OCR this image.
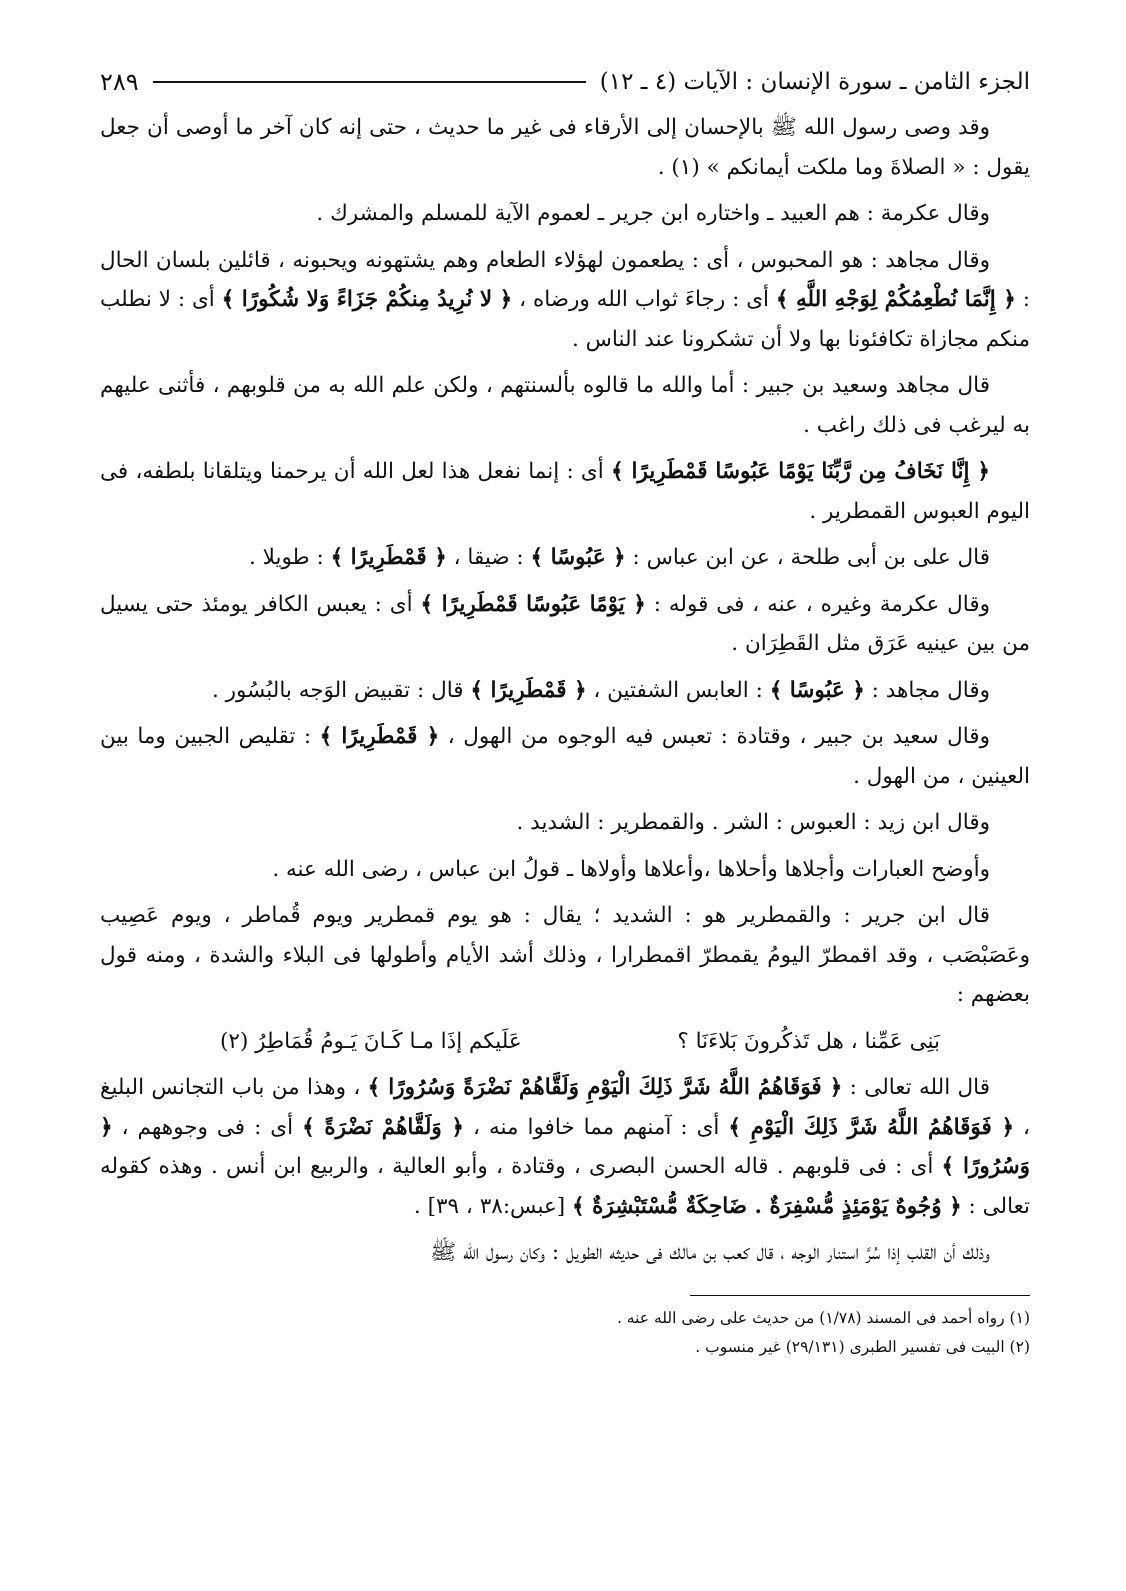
الجزء الثامن ـ سورة الإنسان : الآيات (٤ ـ ١٢)
٢٨٩

وقد وصى رسول الله ﷺ بالإحسان إلى الأرقاء فى غير ما حديث ، حتى إنه كان آخر ما أوصى أن جعل يقول : « الصلاةَ وما ملكت أيمانكم » (١) .

وقال عكرمة : هم العبيد ـ واختاره ابن جرير ـ لعموم الآية للمسلم والمشرك .

وقال مجاهد : هو المحبوس ، أى : يطعمون لهؤلاء الطعام وهم يشتهونه ويحبونه ، قائلين بلسان الحال : ﴿ إِنَّمَا نُطْعِمُكُمْ لِوَجْهِ اللَّهِ ﴾ أى : رجاءَ ثواب الله ورضاه ، ﴿ لا نُرِيدُ مِنكُمْ جَزَاءً وَلا شُكُورًا ﴾ أى : لا نطلب منكم مجازاة تكافئونا بها ولا أن تشكرونا عند الناس .

قال مجاهد وسعيد بن جبير : أما والله ما قالوه بألسنتهم ، ولكن علم الله به من قلوبهم ، فأثنى عليهم به ليرغب فى ذلك راغب .

﴿ إِنَّا نَخَافُ مِن رَّبِّنَا يَوْمًا عَبُوسًا قَمْطَرِيرًا ﴾ أى : إنما نفعل هذا لعل الله أن يرحمنا ويتلقانا بلطفه، فى اليوم العبوس القمطرير .

قال على بن أبى طلحة ، عن ابن عباس : ﴿ عَبُوسًا ﴾ : ضيقا ، ﴿ قَمْطَرِيرًا ﴾ : طويلا .

وقال عكرمة وغيره ، عنه ، فى قوله : ﴿ يَوْمًا عَبُوسًا قَمْطَرِيرًا ﴾ أى : يعبس الكافر يومئذ حتى يسيل من بين عينيه عَرَق مثل القَطِرَان .

وقال مجاهد : ﴿ عَبُوسًا ﴾ : العابس الشفتين ، ﴿ قَمْطَرِيرًا ﴾ قال : تقبيض الوَجه بالبُسُور .

وقال سعيد بن جبير ، وقتادة : تعبس فيه الوجوه من الهول ، ﴿ قَمْطَرِيرًا ﴾ : تقليص الجبين وما بين العينين ، من الهول .

وقال ابن زيد : العبوس : الشر . والقمطرير : الشديد .

وأوضح العبارات وأجلاها وأحلاها ،وأعلاها وأولاها ـ قولُ ابن عباس ، رضى الله عنه .

قال ابن جرير : والقمطرير هو : الشديد ؛ يقال : هو يوم قمطرير ويوم قُماطر ، ويوم عَصِيب وعَصَبْصَب ، وقد اقمطرّ اليومُ يقمطرّ اقمطرارا ، وذلك أشد الأيام وأطولها فى البلاء والشدة ، ومنه قول بعضهم :

بَنِى عَمِّنا ، هل تَذكُرونَ بَلاءَنَا ؟
عَلَيكم إذَا مـا كَـانَ يَـومُ قُمَاطِرُ (٢)

قال الله تعالى : ﴿ فَوَقَاهُمُ اللَّهُ شَرَّ ذَلِكَ الْيَوْمِ وَلَقَّاهُمْ نَضْرَةً وَسُرُورًا ﴾ ، وهذا من باب التجانس البليغ ، ﴿ فَوَقَاهُمُ اللَّهُ شَرَّ ذَلِكَ الْيَوْمِ ﴾ أى : آمنهم مما خافوا منه ، ﴿ وَلَقَّاهُمْ نَضْرَةً ﴾ أى : فى وجوههم ، ﴿ وَسُرُورًا ﴾ أى : فى قلوبهم . قاله الحسن البصرى ، وقتادة ، وأبو العالية ، والربيع ابن أنس . وهذه كقوله تعالى : ﴿ وُجُوهٌ يَوْمَئِذٍ مُّسْفِرَةٌ . ضَاحِكَةٌ مُّسْتَبْشِرَةٌ ﴾ [عبس:٣٨ ، ٣٩] .

وذلك أن القلب إذا سُرَّ استنار الوجه ، قال كعب بن مالك فى حديثه الطويل : وكان رسول الله ﷺ

(١) رواه أحمد فى المسند (١/٧٨) من حديث على رضى الله عنه .
(٢) البيت فى تفسير الطبرى (٢٩/١٣١) غير منسوب .
